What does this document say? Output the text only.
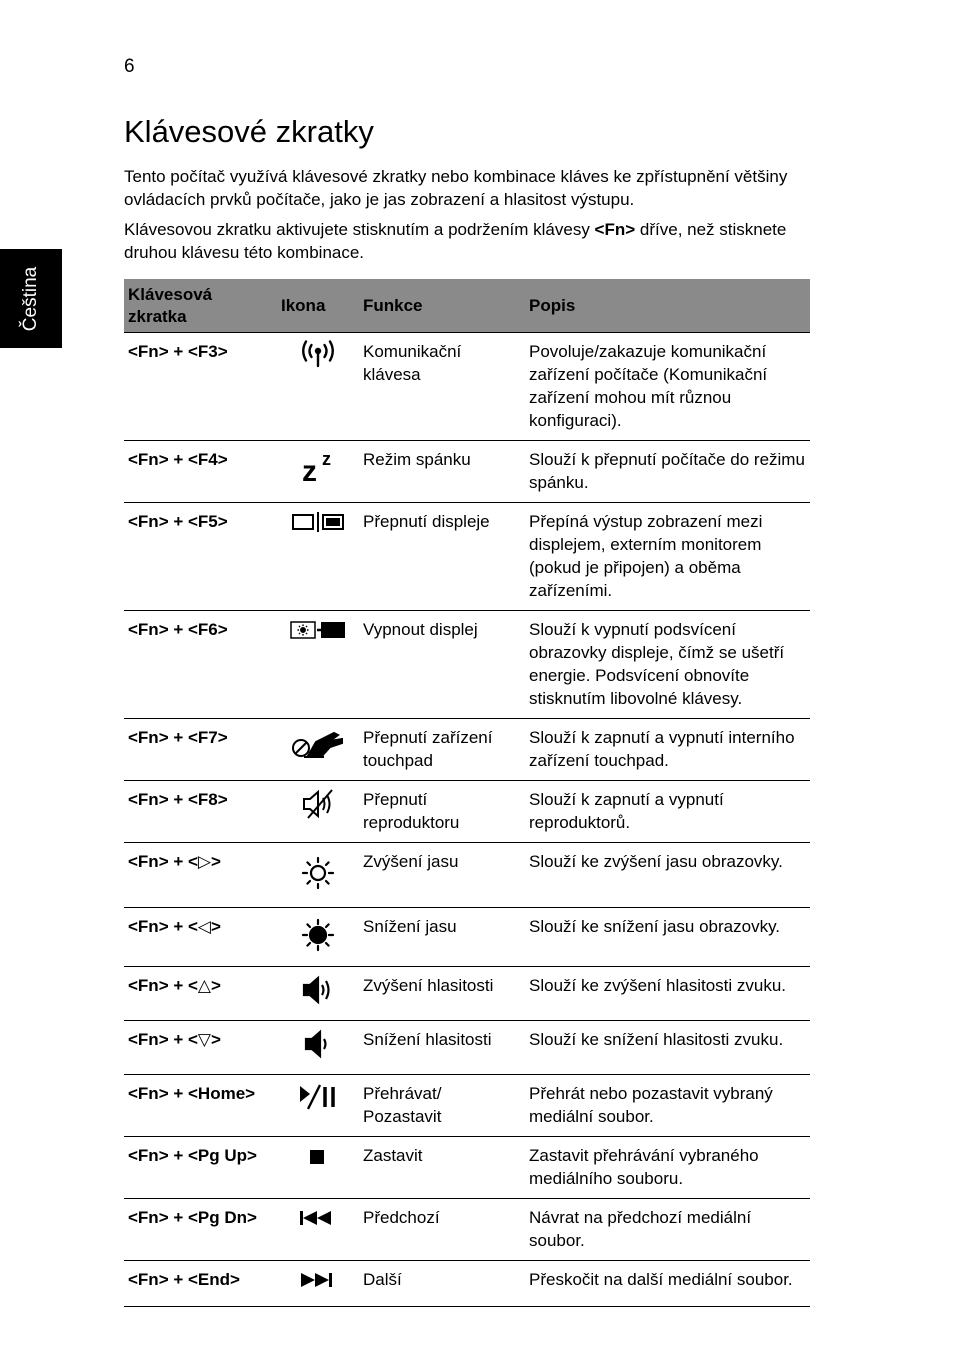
6
Čeština
Klávesové zkratky

Tento počítač využívá klávesové zkratky nebo kombinace kláves ke zpřístupnění většiny ovládacích prvků počítače, jako je jas zobrazení a hlasitost výstupu.

Klávesovou zkratku aktivujete stisknutím a podržením klávesy <Fn> dříve, než stisknete druhou klávesu této kombinace.

Klávesová zkratka	Ikona	Funkce	Popis
<Fn> + <F3>		Komunikační klávesa	Povoluje/zakazuje komunikační zařízení počítače (Komunikační zařízení mohou mít různou konfiguraci).
<Fn> + <F4>	z z	Režim spánku	Slouží k přepnutí počítače do režimu spánku.
<Fn> + <F5>		Přepnutí displeje	Přepíná výstup zobrazení mezi displejem, externím monitorem (pokud je připojen) a oběma zařízeními.
<Fn> + <F6>		Vypnout displej	Slouží k vypnutí podsvícení obrazovky displeje, čímž se ušetří energie. Podsvícení obnovíte stisknutím libovolné klávesy.
<Fn> + <F7>		Přepnutí zařízení touchpad	Slouží k zapnutí a vypnutí interního zařízení touchpad.
<Fn> + <F8>		Přepnutí reproduktoru	Slouží k zapnutí a vypnutí reproduktorů.
<Fn> + <▷>		Zvýšení jasu	Slouží ke zvýšení jasu obrazovky.
<Fn> + <◁>		Snížení jasu	Slouží ke snížení jasu obrazovky.
<Fn> + <△>		Zvýšení hlasitosti	Slouží ke zvýšení hlasitosti zvuku.
<Fn> + <▽>		Snížení hlasitosti	Slouží ke snížení hlasitosti zvuku.
<Fn> + <Home>		Přehrávat/ Pozastavit	Přehrát nebo pozastavit vybraný mediální soubor.
<Fn> + <Pg Up>		Zastavit	Zastavit přehrávání vybraného mediálního souboru.
<Fn> + <Pg Dn>		Předchozí	Návrat na předchozí mediální soubor.
<Fn> + <End>		Další	Přeskočit na další mediální soubor.
